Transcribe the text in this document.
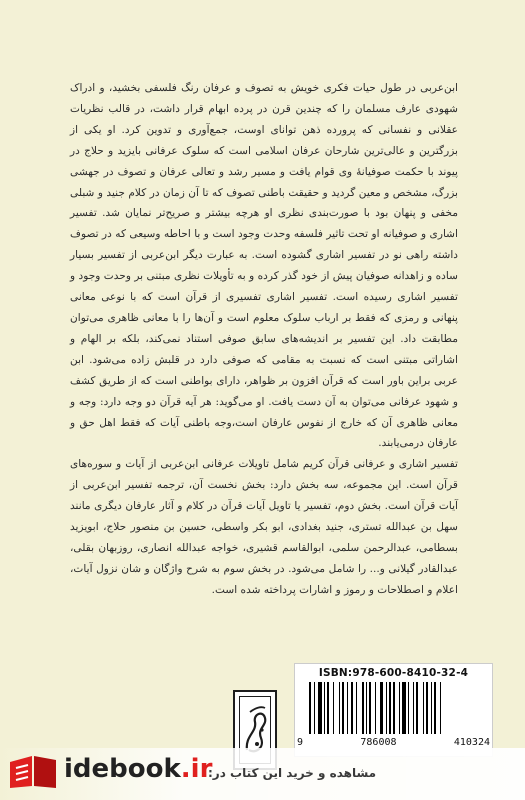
ابن‌عربی در طول حیات فکری خویش به تصوف و عرفان رنگ فلسفی بخشید، و ادراک شهودی عارف مسلمان را که چندین قرن در پرده ابهام قرار داشت، در قالب نظریات عقلانی و نفسانی که پرورده ذهن توانای اوست، جمع‌آوری و تدوین کرد. او یکی از بزرگترین و عالی‌ترین شارحان عرفان اسلامی است که سلوک عرفانی بایزید و حلاج در پیوند با حکمت صوفیانهٔ وی قوام یافت و مسیر رشد و تعالی عرفان و تصوف در جهشی بزرگ، مشخص و معین گردید و حقیقت باطنی تصوف که تا آن زمان در کلام جنید و شبلی مخفی و پنهان بود با صورت‌بندی نظری او هرچه بیشتر و صریح‌تر نمایان شد. تفسیر اشاری و صوفیانه او تحت تاثیر فلسفه وحدت وجود است و با احاطه وسیعی که در تصوف داشته راهی نو در تفسیر اشاری گشوده است. به عبارت دیگر ابن‌عربی از تفسیر بسیار ساده و زاهدانه صوفیان پیش از خود گذر کرده و به تأویلات نظری مبتنی بر وحدت وجود و تفسیر اشاری رسیده است. تفسیر اشاری تفسیری از قرآن است که با نوعی معانی پنهانی و رمزی که فقط بر ارباب سلوک معلوم است و آن‌ها را با معانی ظاهری می‌توان مطابقت داد. این تفسیر بر اندیشه‌های سابق صوفی استناد نمی‌کند، بلکه بر الهام و اشاراتی مبتنی است که نسبت به مقامی که صوفی دارد در قلبش زاده می‌شود. ابن عربی براین باور است که قرآن افزون بر ظواهر، دارای بواطنی است که از طریق کشف و شهود عرفانی می‌توان به آن دست یافت. او می‌گوید: هر آیه قرآن دو وجه دارد: وجه و معانی ظاهری آن که خارج از نفوس عارفان است،وجه باطنی آیات که فقط اهل حق و عارفان درمی‌یابند.

تفسیر اشاری و عرفانی قرآن کریم شامل تاویلات عرفانی ابن‌عربی از آیات و سوره‌های قرآن است. این مجموعه، سه بخش دارد: بخش نخست آن، ترجمه تفسیر ابن‌عربی از آیات قرآن است. بخش دوم، تفسیر یا تاویل آیات قرآن در کلام و آثار عارفان دیگری مانند سهل بن عبدالله تستری، جنید بغدادی، ابو بکر واسطی، حسین بن منصور حلاج، ابویزید بسطامی، عبدالرحمن سلمی، ابوالقاسم قشیری، خواجه عبدالله انصاری، روزبهان بقلی، عبدالقادر گیلانی و... را شامل می‌شود. در بخش سوم به شرح واژگان و شان نزول آیات، اعلام و اصطلاحات و رموز و اشارات پرداخته شده است.

ISBN:978-600-8410-32-4
9	786008	410324
idebook.ir
مشاهده و خرید این کتاب در:
